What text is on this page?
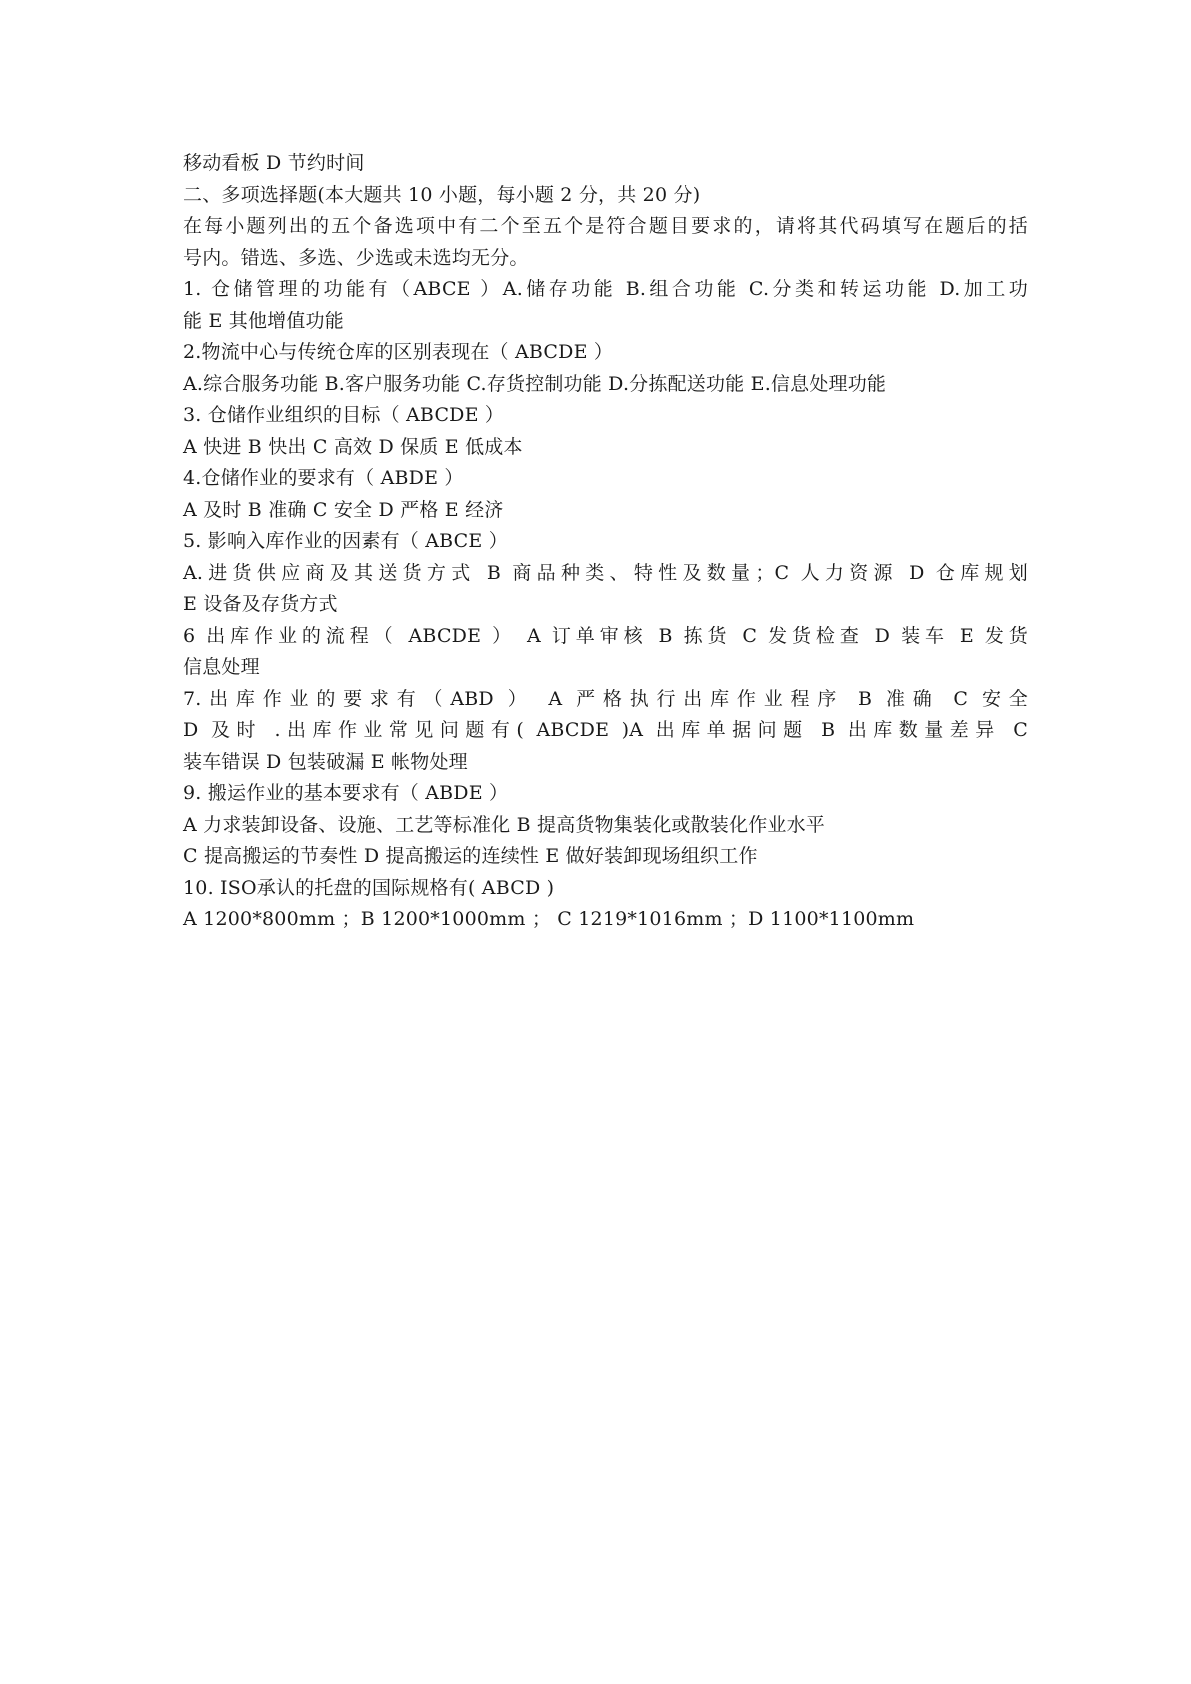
移动看板 D 节约时间
二、多项选择题(本大题共 10 小题，每小题 2 分，共 20 分)
在每小题列出的五个备选项中有二个至五个是符合题目要求的，请将其代码填写在题后的括
号内。错选、多选、少选或未选均无分。
1. 仓储管理的功能有（ABCE ）A.储存功能 B.组合功能 C.分类和转运功能 D.加工功
能 E 其他增值功能
2.物流中心与传统仓库的区别表现在（ ABCDE ）
A.综合服务功能 B.客户服务功能 C.存货控制功能 D.分拣配送功能 E.信息处理功能
3. 仓储作业组织的目标（ ABCDE ）
A 快进 B 快出 C 高效 D 保质 E 低成本
4.仓储作业的要求有（ ABDE ）
A 及时 B 准确 C 安全 D 严格 E 经济
5. 影响入库作业的因素有（ ABCE ）
A.进货供应商及其送货方式 B 商品种类、特性及数量；C 人力资源 D 仓库规划
E 设备及存货方式
6 出库作业的流程（ ABCDE ） A 订单审核 B 拣货 C 发货检查 D 装车 E 发货
信息处理
7.出库作业的要求有（ABD ） A 严格执行出库作业程序 B 准确 C 安全
D 及时 .出库作业常见问题有( ABCDE )A 出库单据问题 B 出库数量差异 C
装车错误 D 包装破漏 E 帐物处理
9. 搬运作业的基本要求有（ ABDE ）
A 力求装卸设备、设施、工艺等标准化 B 提高货物集装化或散装化作业水平
C 提高搬运的节奏性 D 提高搬运的连续性 E 做好装卸现场组织工作
10. ISO承认的托盘的国际规格有( ABCD )
A 1200*800mm ；B 1200*1000mm ； C 1219*1016mm ；D 1100*1100mm
